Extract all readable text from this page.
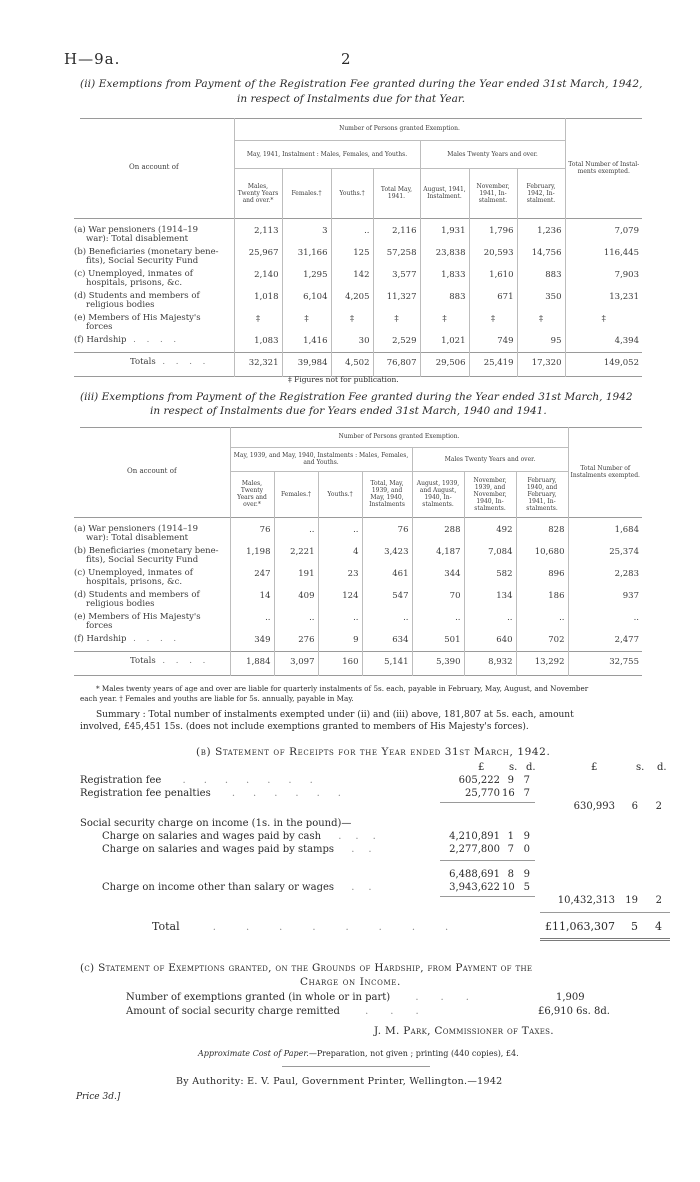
H—9a.	2
(ii) Exemptions from Payment of the Registration Fee granted during the Year ended 31st March, 1942,
in respect of Instalments due for that Year.
On account of	Number of Persons granted Exemption.							Total Number of Instalments exempted.
	May, 1941, Instalment : Males, Females, and Youths.				Males Twenty Years and over.			
	Males, Twenty Years and over.*	Females.†	Youths.†	Total May, 1941.	August, 1941, Instalment.	November, 1941, Instalment.	February, 1942, Instalment.	

(a) War pensioners (1914–19
war): Total disablement	2,113	3	..	2,116	1,931	1,796	1,236	7,079

(b) Beneficiaries (monetary bene-
fits), Social Security Fund	25,967	31,166	125	57,258	23,838	20,593	14,756	116,445

(c) Unemployed, inmates of
hospitals, prisons, &c.	2,140	1,295	142	3,577	1,833	1,610	883	7,903

(d) Students and members of
religious bodies	1,018	6,104	4,205	11,327	883	671	350	13,231

(e) Members of His Majesty's
forces	‡	‡	‡	‡	‡	‡	‡	‡
(f) Hardship . . . .	1,083	1,416	30	2,529	1,021	749	95	4,394
Totals . . . .	32,321	39,984	4,502	76,807	29,506	25,419	17,320	149,052
‡ Figures not for publication.
(iii) Exemptions from Payment of the Registration Fee granted during the Year ended 31st March, 1942
in respect of Instalments due for Years ended 31st March, 1940 and 1941.
On account of	Number of Persons granted Exemption.							Total Number of Instalments exempted.
	May, 1939, and May, 1940, Instalments : Males, Females, and Youths.				Males Twenty Years and over.			
	Males, Twenty Years and over.*	Females.†	Youths.†	Total, May, 1939, and May, 1940, Instalments	August, 1939, and August, 1940, Instalments.	November, 1939, and November, 1940, Instalments.	February, 1940, and February, 1941, Instalments.	

(a) War pensioners (1914–19
war): Total disablement	76	..	..	76	288	492	828	1,684

(b) Beneficiaries (monetary bene-
fits), Social Security Fund	1,198	2,221	4	3,423	4,187	7,084	10,680	25,374

(c) Unemployed, inmates of
hospitals, prisons, &c.	247	191	23	461	344	582	896	2,283

(d) Students and members of
religious bodies	14	409	124	547	70	134	186	937

(e) Members of His Majesty's
forces	..	..	..	..	..	..	..	..
(f) Hardship . . . .	349	276	9	634	501	640	702	2,477
Totals . . . .	1,884	3,097	160	5,141	5,390	8,932	13,292	32,755
* Males twenty years of age and over are liable for quarterly instalments of 5s. each, payable in February, May, August, and November
each year. † Females and youths are liable for 5s. annually, payable in May.
Summary : Total number of instalments exempted under (ii) and (iii) above, 181,807 at 5s. each, amount
involved, £45,451 15s. (does not include exemptions granted to members of His Majesty's forces).
(b) Statement of Receipts for the Year ended 31st March, 1942.
£ s. d.	£	s. d.
Registration fee .......	605,222 9 7
Registration fee penalties ......	25,770 16 7
630,993	6	2
Social security charge on income (1s. in the pound)—
Charge on salaries and wages paid by cash ...	4,210,891 1 9
Charge on salaries and wages paid by stamps ..	2,277,800 7 0
6,488,691 8 9
Charge on income other than salary or wages ..	3,943,622 10 5
10,432,313 19	2
Total ........	£11,063,307	5	4
(c) Statement of Exemptions granted, on the Grounds of Hardship, from Payment of the
Charge on Income.
Number of exemptions granted (in whole or in part) ...	1,909
Amount of social security charge remitted ...	£6,910 6s. 8d.
J. M. Park, Commissioner of Taxes.
Approximate Cost of Paper.—Preparation, not given ; printing (440 copies), £4.
By Authority: E. V. Paul, Government Printer, Wellington.—1942
Price 3d.]
